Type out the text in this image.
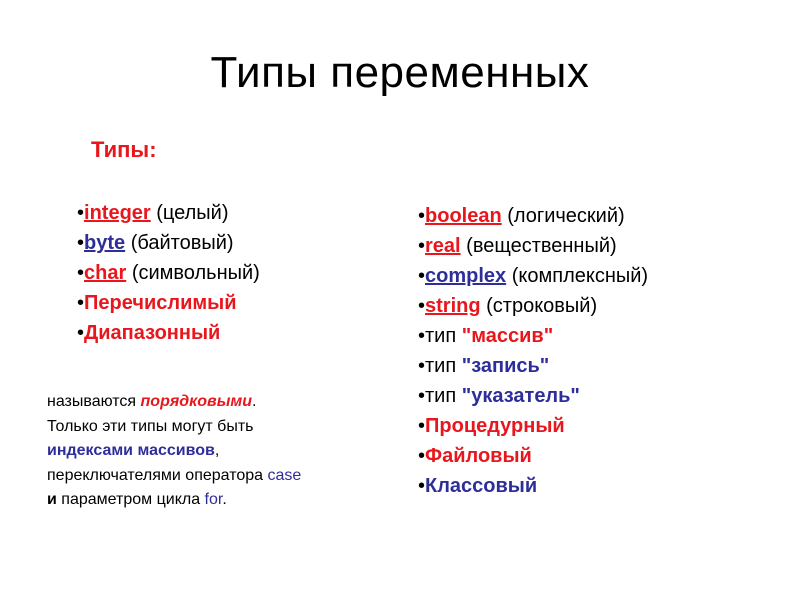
Типы переменных
Типы:
•integer (целый)
•byte (байтовый)
•char (символьный)
•Перечислимый
•Диапазонный
•boolean (логический)
•real (вещественный)
•complex (комплексный)
•string (строковый)
•тип "массив"
•тип "запись"
•тип "указатель"
•Процедурный
•Файловый
•Классовый
называются порядковыми.
Только эти типы могут быть
индексами массивов,
переключателями оператора case
и параметром цикла for.
